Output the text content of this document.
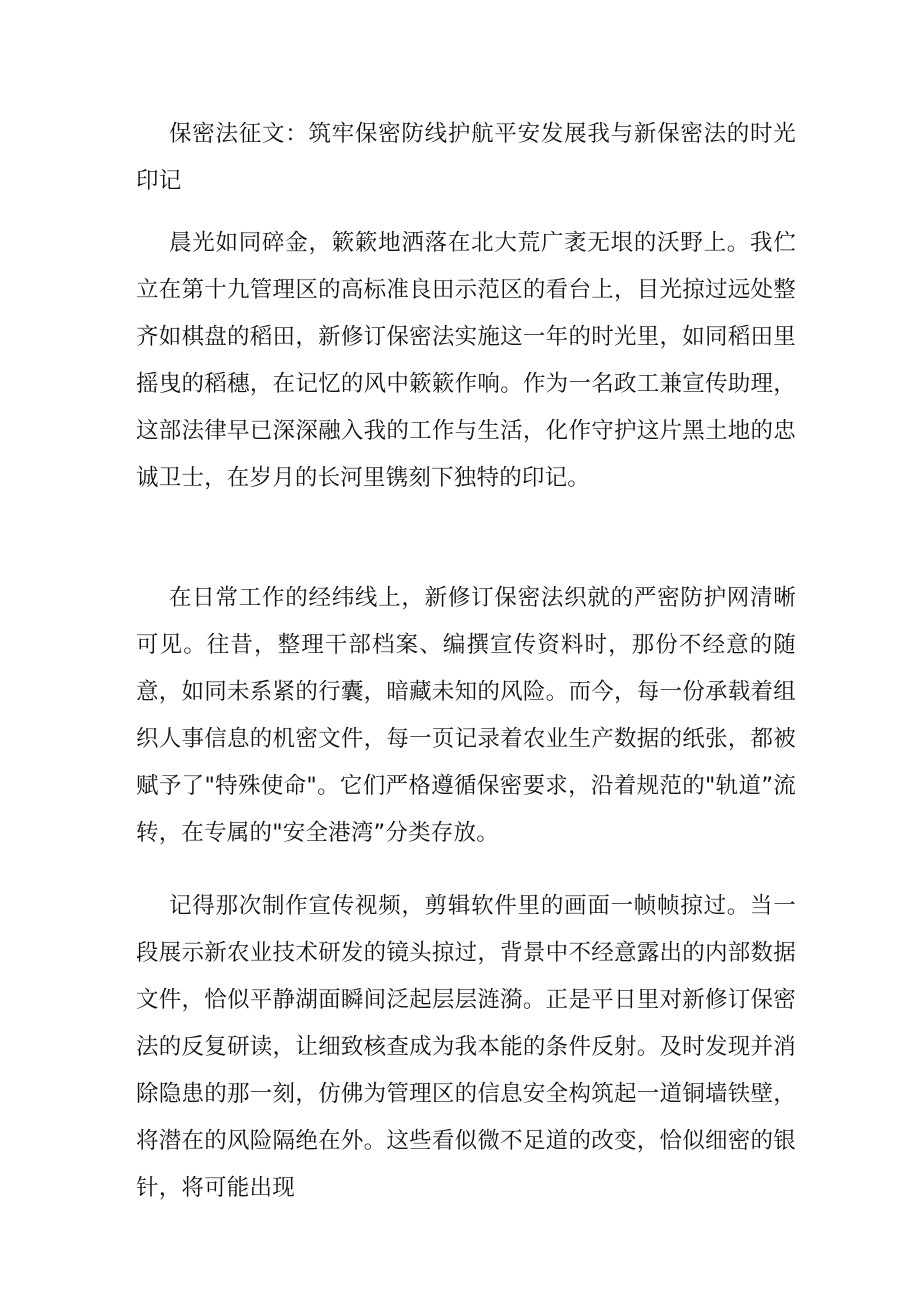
保密法征文：筑牢保密防线护航平安发展我与新保密法的时光印记

晨光如同碎金，簌簌地洒落在北大荒广袤无垠的沃野上。我伫立在第十九管理区的高标准良田示范区的看台上，目光掠过远处整齐如棋盘的稻田，新修订保密法实施这一年的时光里，如同稻田里摇曳的稻穗，在记忆的风中簌簌作响。作为一名政工兼宣传助理，这部法律早已深深融入我的工作与生活，化作守护这片黑土地的忠诚卫士，在岁月的长河里镌刻下独特的印记。

在日常工作的经纬线上，新修订保密法织就的严密防护网清晰可见。往昔，整理干部档案、编撰宣传资料时，那份不经意的随意，如同未系紧的行囊，暗藏未知的风险。而今，每一份承载着组织人事信息的机密文件，每一页记录着农业生产数据的纸张，都被赋予了"特殊使命"。它们严格遵循保密要求，沿着规范的"轨道”流转，在专属的"安全港湾”分类存放。

记得那次制作宣传视频，剪辑软件里的画面一帧帧掠过。当一段展示新农业技术研发的镜头掠过，背景中不经意露出的内部数据文件，恰似平静湖面瞬间泛起层层涟漪。正是平日里对新修订保密法的反复研读，让细致核查成为我本能的条件反射。及时发现并消除隐患的那一刻，仿佛为管理区的信息安全构筑起一道铜墙铁壁，将潜在的风险隔绝在外。这些看似微不足道的改变，恰似细密的银针，将可能出现
